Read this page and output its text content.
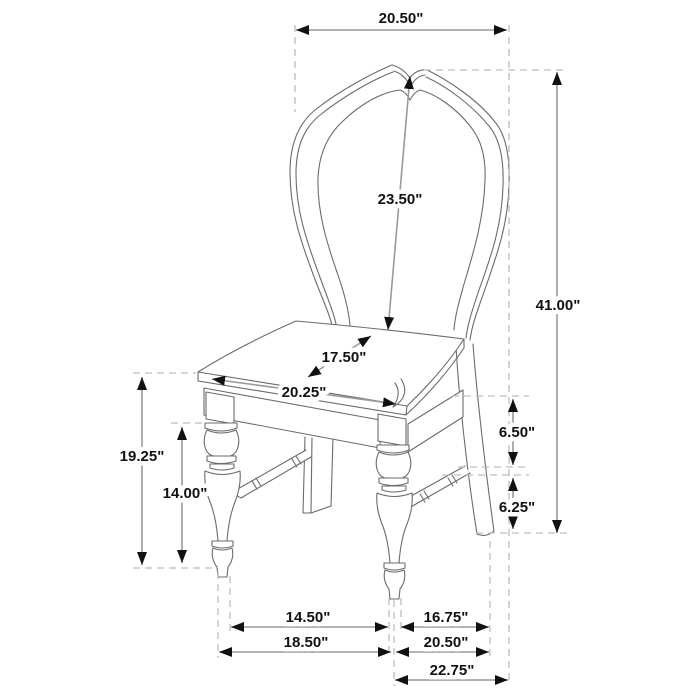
20.50"
41.00"
23.50"
17.50"
20.25"
19.25"
14.00"
6.50"
6.25"
14.50"	16.75"
18.50"	20.50"
22.75"
